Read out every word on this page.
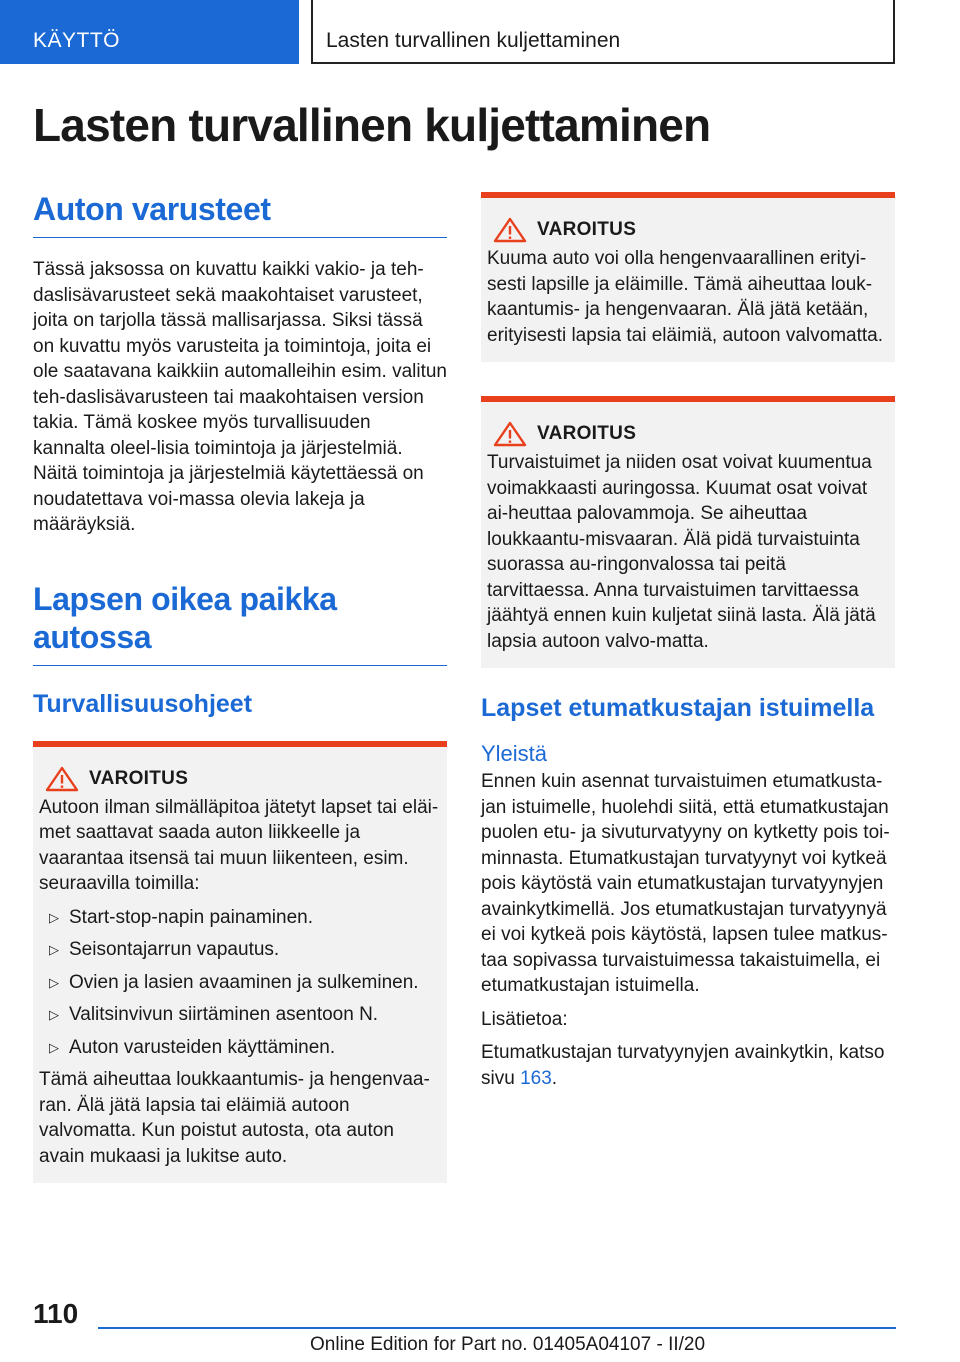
KÄYTTÖ	Lasten turvallinen kuljettaminen
Lasten turvallinen kuljettaminen
Auton varusteet

Tässä jaksossa on kuvattu kaikki vakio- ja teh-daslisävarusteet sekä maakohtaiset varusteet, joita on tarjolla tässä mallisarjassa. Siksi tässä on kuvattu myös varusteita ja toimintoja, joita ei ole saatavana kaikkiin automalleihin esim. valitun teh-daslisävarusteen tai maakohtaisen version takia. Tämä koskee myös turvallisuuden kannalta oleel-lisia toimintoja ja järjestelmiä. Näitä toimintoja ja järjestelmiä käytettäessä on noudatettava voi-massa olevia lakeja ja määräyksiä.

Lapsen oikea paikka autossa
Turvallisuusohjeet
VAROITUS

Autoon ilman silmälläpitoa jätetyt lapset tai eläi-met saattavat saada auton liikkeelle ja vaarantaa itsensä tai muun liikenteen, esim. seuraavilla toimilla:

▷ Start-stop-napin painaminen.
▷ Seisontajarrun vapautus.
▷ Ovien ja lasien avaaminen ja sulkeminen.
▷ Valitsinvivun siirtäminen asentoon N.
▷ Auton varusteiden käyttäminen.

Tämä aiheuttaa loukkaantumis- ja hengenvaa-ran. Älä jätä lapsia tai eläimiä autoon valvomatta. Kun poistut autosta, ota auton avain mukaasi ja lukitse auto.

VAROITUS

Kuuma auto voi olla hengenvaarallinen erityi-sesti lapsille ja eläimille. Tämä aiheuttaa louk-kaantumis- ja hengenvaaran. Älä jätä ketään, erityisesti lapsia tai eläimiä, autoon valvomatta.

VAROITUS

Turvaistuimet ja niiden osat voivat kuumentua voimakkaasti auringossa. Kuumat osat voivat ai-heuttaa palovammoja. Se aiheuttaa loukkaantu-misvaaran. Älä pidä turvaistuinta suorassa au-ringonvalossa tai peitä tarvittaessa. Anna turvaistuimen tarvittaessa jäähtyä ennen kuin kuljetat siinä lasta. Älä jätä lapsia autoon valvo-matta.

Lapset etumatkustajan istuimella
Yleistä

Ennen kuin asennat turvaistuimen etumatkusta-jan istuimelle, huolehdi siitä, että etumatkustajan puolen etu- ja sivuturvatyyny on kytketty pois toi-minnasta. Etumatkustajan turvatyynyt voi kytkeä pois käytöstä vain etumatkustajan turvatyynyjen avainkytkimellä. Jos etumatkustajan turvatyynyä ei voi kytkeä pois käytöstä, lapsen tulee matkus-taa sopivassa turvaistuimessa takaistuimella, ei etumatkustajan istuimella.

Lisätietoa:

Etumatkustajan turvatyynyjen avainkytkin, katso sivu 163.

110
Online Edition for Part no. 01405A04107 - II/20
